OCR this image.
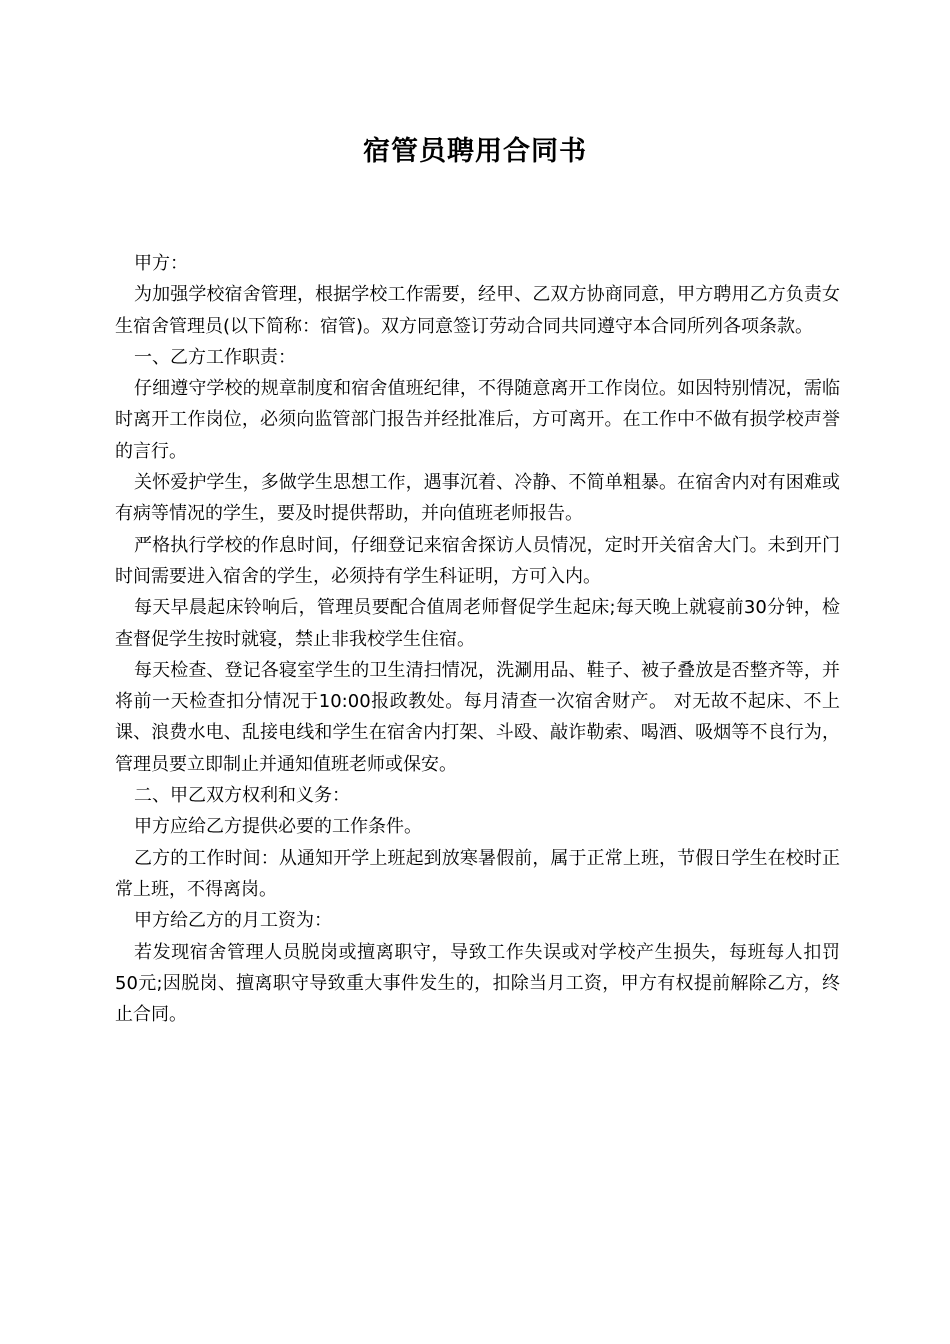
宿管员聘用合同书

甲方：

为加强学校宿舍管理，根据学校工作需要，经甲、乙双方协商同意，甲方聘用乙方负责女生宿舍管理员(以下简称：宿管)。双方同意签订劳动合同共同遵守本合同所列各项条款。

一、乙方工作职责：

仔细遵守学校的规章制度和宿舍值班纪律，不得随意离开工作岗位。如因特别情况，需临时离开工作岗位，必须向监管部门报告并经批准后，方可离开。在工作中不做有损学校声誉的言行。

关怀爱护学生，多做学生思想工作，遇事沉着、冷静、不简单粗暴。在宿舍内对有困难或有病等情况的学生，要及时提供帮助，并向值班老师报告。

严格执行学校的作息时间，仔细登记来宿舍探访人员情况，定时开关宿舍大门。未到开门时间需要进入宿舍的学生，必须持有学生科证明，方可入内。

每天早晨起床铃响后，管理员要配合值周老师督促学生起床;每天晚上就寝前30分钟，检查督促学生按时就寝，禁止非我校学生住宿。

每天检查、登记各寝室学生的卫生清扫情况，洗涮用品、鞋子、被子叠放是否整齐等，并将前一天检查扣分情况于10:00报政教处。每月清查一次宿舍财产。 对无故不起床、不上课、浪费水电、乱接电线和学生在宿舍内打架、斗殴、敲诈勒索、喝酒、吸烟等不良行为，管理员要立即制止并通知值班老师或保安。

二、甲乙双方权利和义务：

甲方应给乙方提供必要的工作条件。

乙方的工作时间：从通知开学上班起到放寒暑假前，属于正常上班，节假日学生在校时正常上班，不得离岗。

甲方给乙方的月工资为：

若发现宿舍管理人员脱岗或擅离职守，导致工作失误或对学校产生损失，每班每人扣罚50元;因脱岗、擅离职守导致重大事件发生的，扣除当月工资，甲方有权提前解除乙方，终止合同。
